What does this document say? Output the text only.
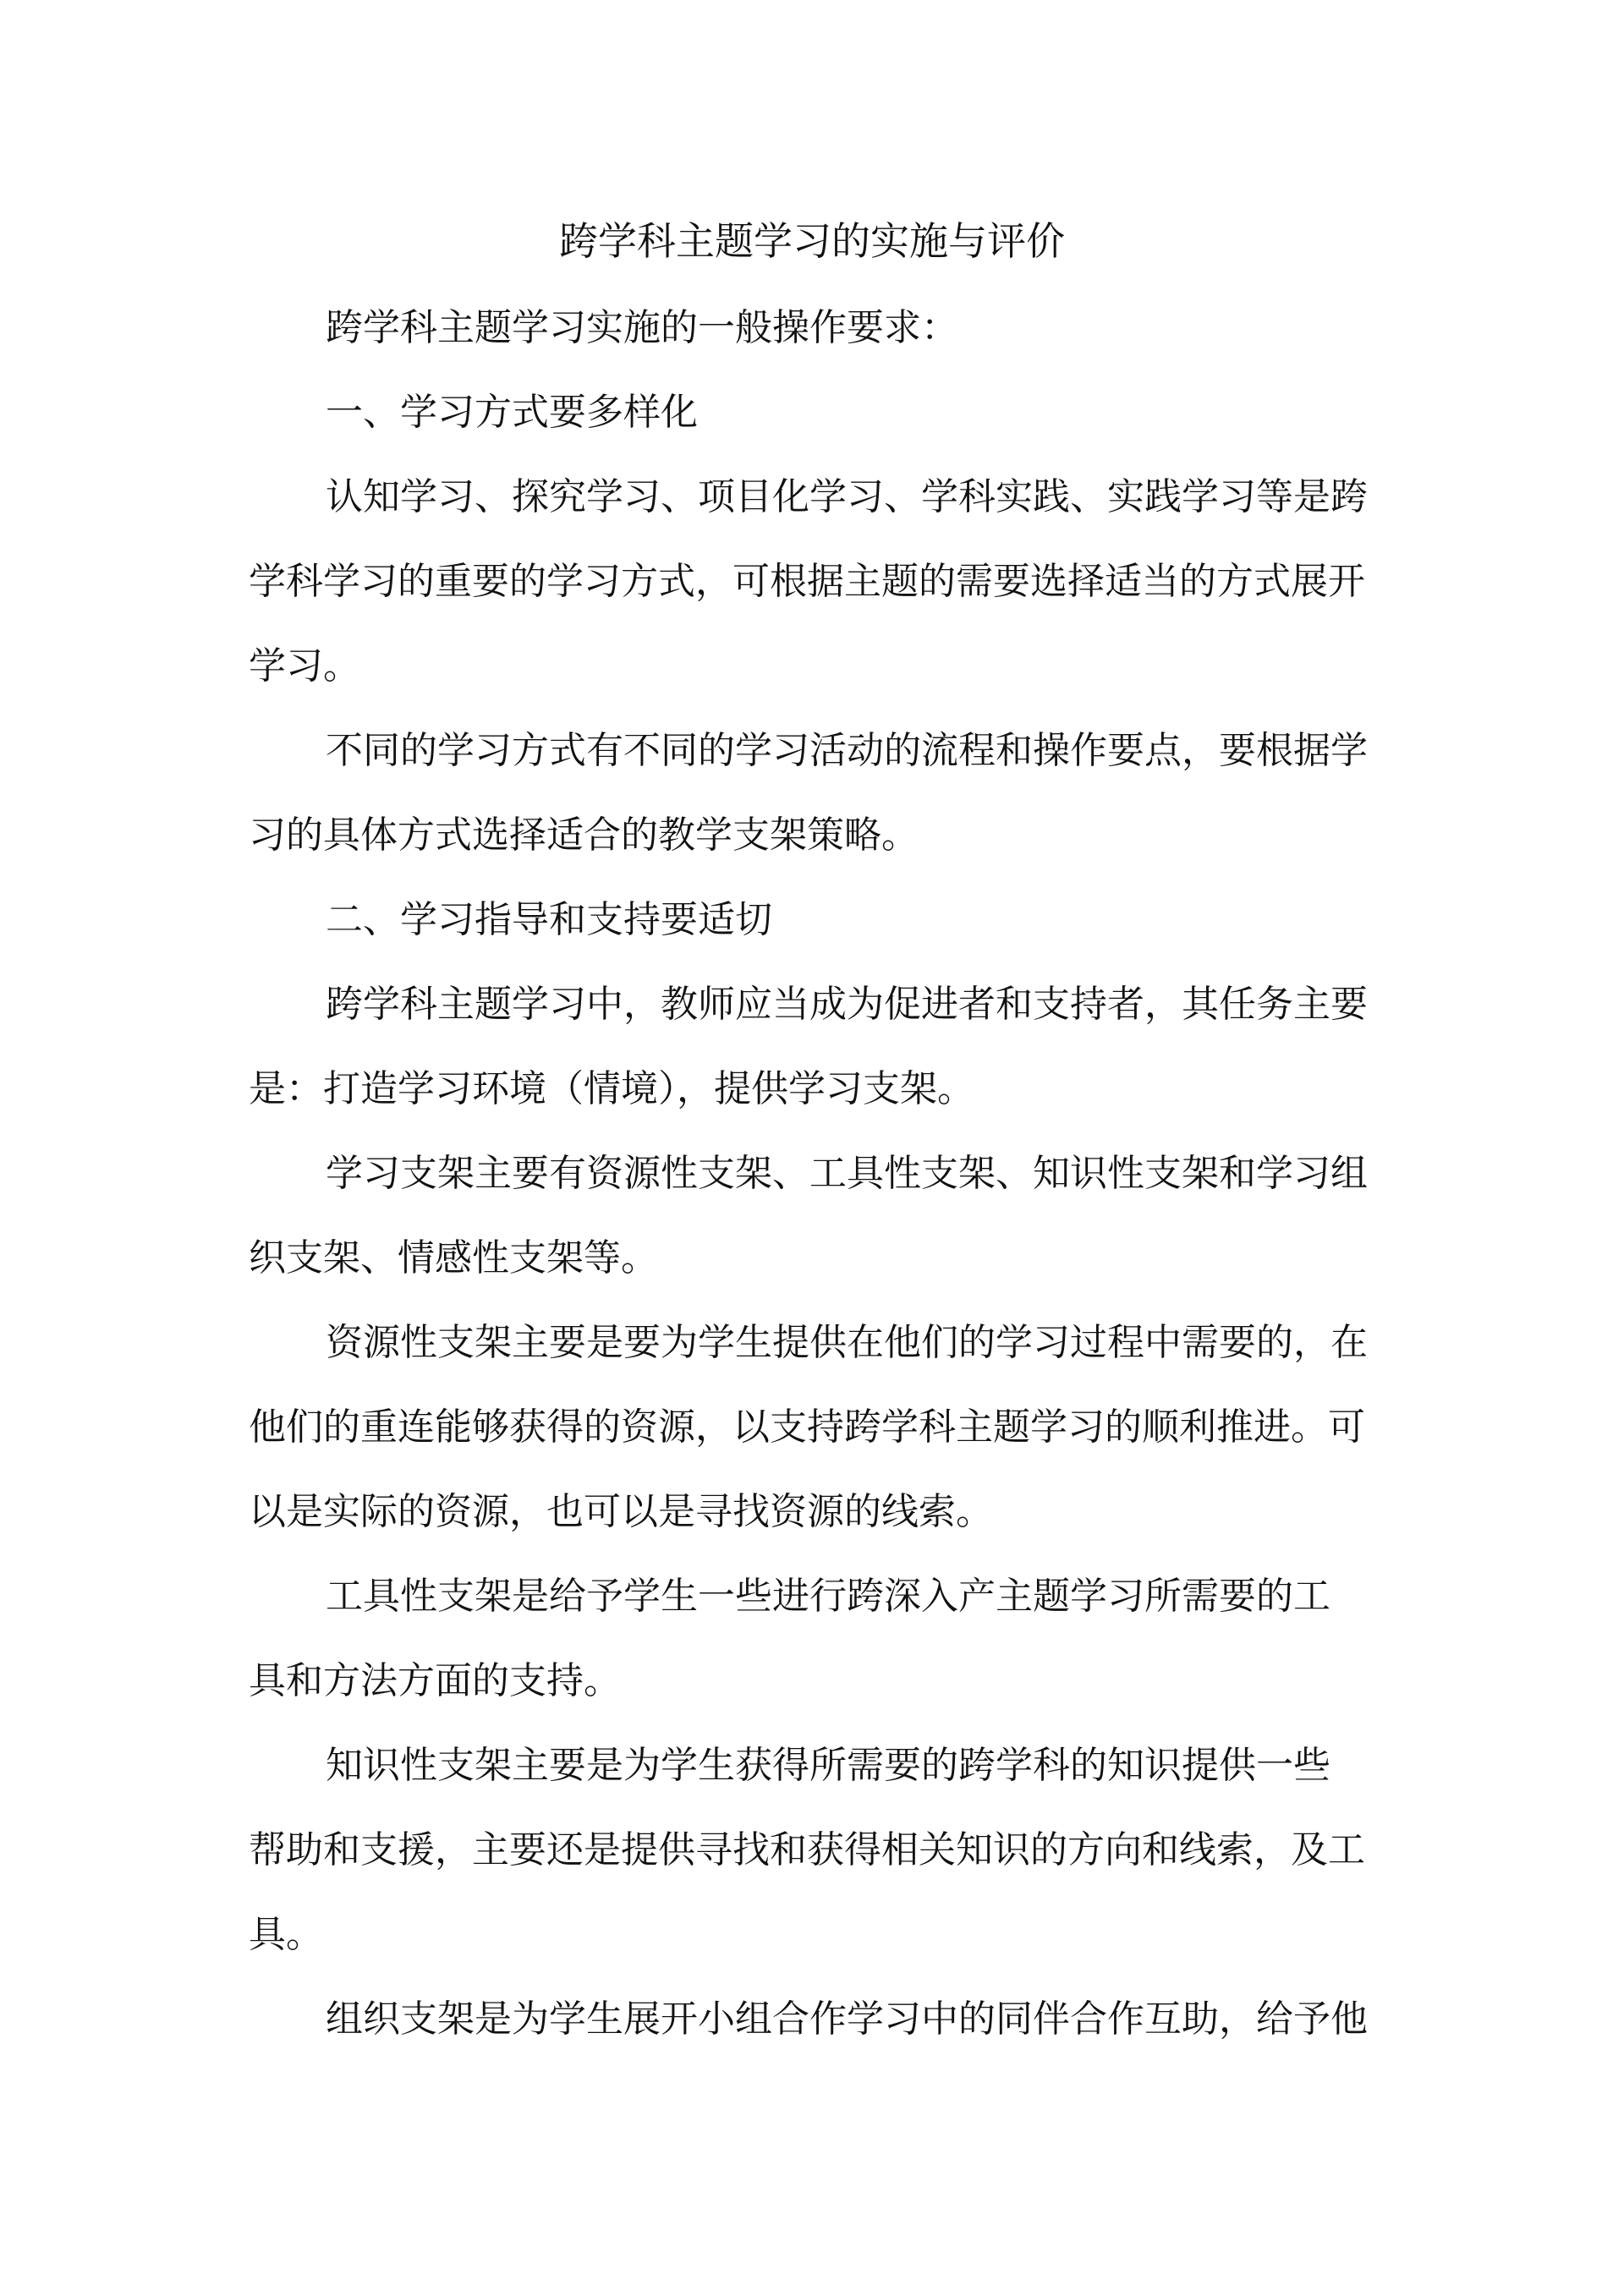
跨学科主题学习的实施与评价
跨学科主题学习实施的一般操作要求：
一、学习方式要多样化
认知学习、探究学习、项目化学习、学科实践、实践学习等是跨
学科学习的重要的学习方式，可根据主题的需要选择适当的方式展开
学习。
不同的学习方式有不同的学习活动的流程和操作要点，要根据学
习的具体方式选择适合的教学支架策略。
二、学习指导和支持要适切
跨学科主题学习中，教师应当成为促进者和支持者，其任务主要
是：打造学习环境（情境），提供学习支架。
学习支架主要有资源性支架、工具性支架、知识性支架和学习组
织支架、情感性支架等。
资源性支架主要是要为学生提供在他们的学习过程中需要的，在
他们的重连能够获得的资源，以支持跨学科主题学习的顺利推进。可
以是实际的资源，也可以是寻找资源的线索。
工具性支架是给予学生一些进行跨深入产主题学习所需要的工
具和方法方面的支持。
知识性支架主要是为学生获得所需要的跨学科的知识提供一些
帮助和支援，主要还是提供寻找和获得相关知识的方向和线索，及工
具。
组织支架是为学生展开小组合作学习中的同伴合作互助，给予他
